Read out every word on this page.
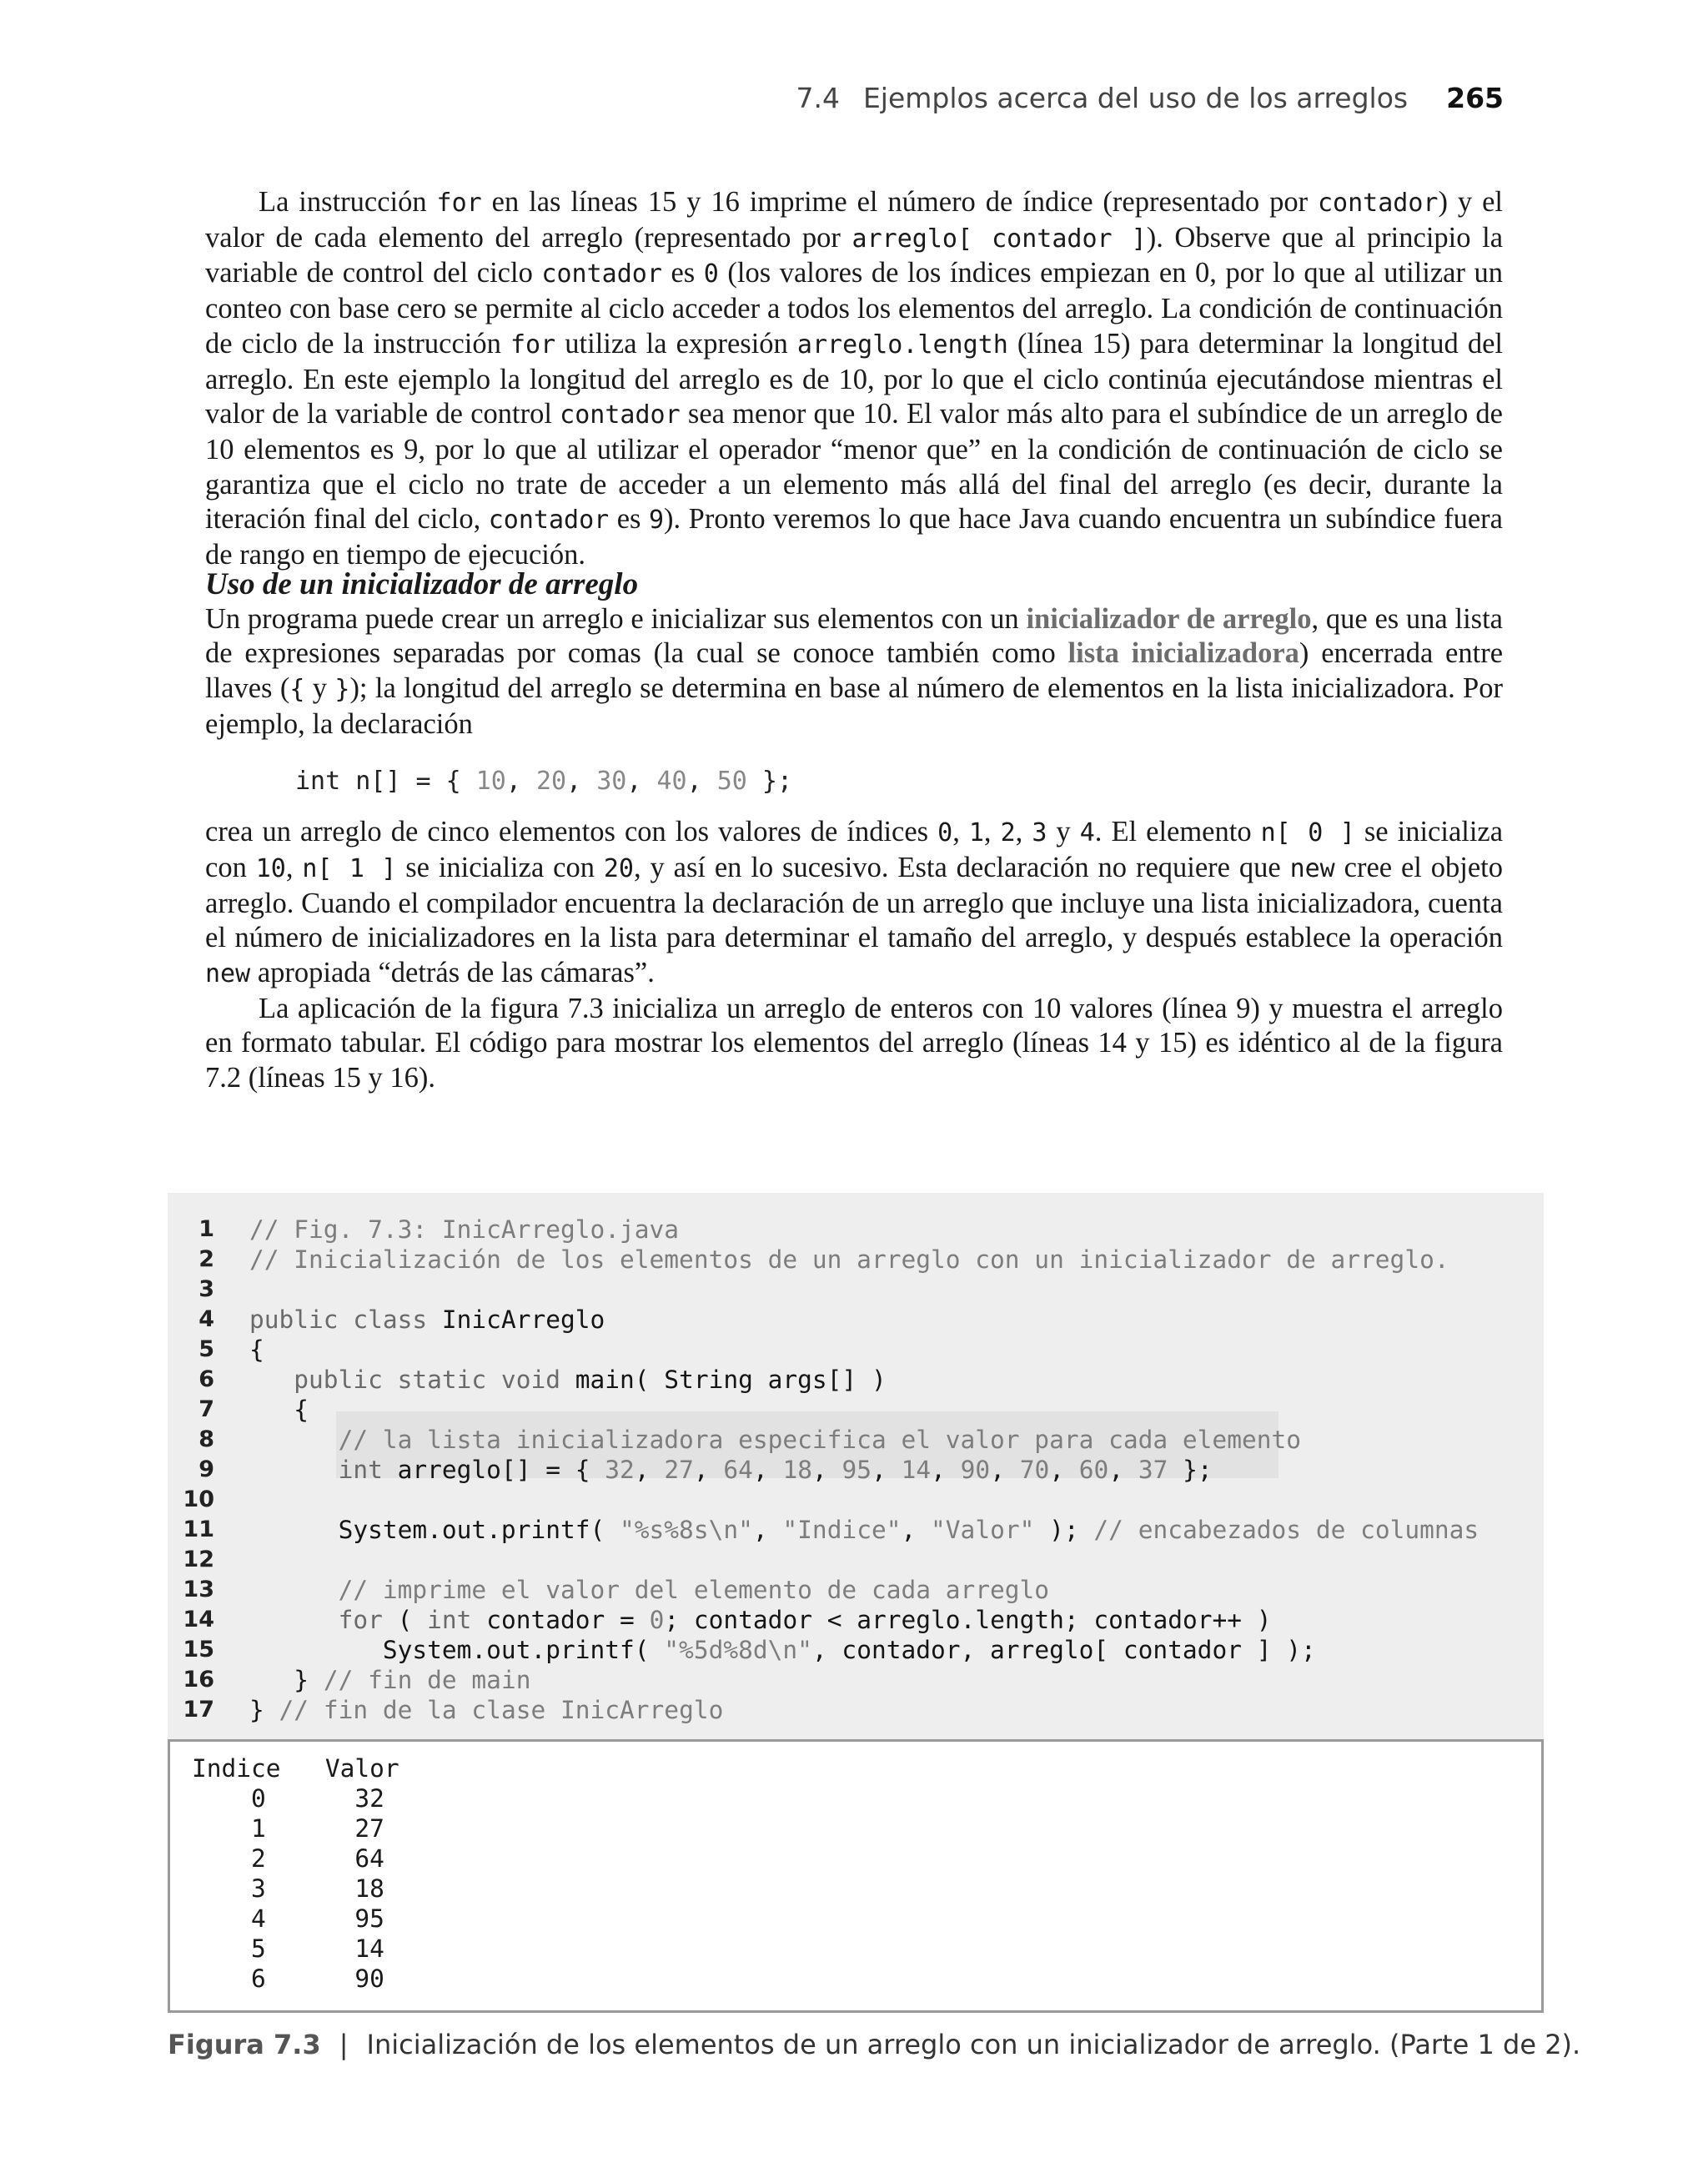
7.4 Ejemplos acerca del uso de los arreglos 265

La instrucción for en las líneas 15 y 16 imprime el número de índice (representado por contador) y el valor de cada elemento del arreglo (representado por arreglo[ contador ]). Observe que al principio la variable de control del ciclo contador es 0 (los valores de los índices empiezan en 0, por lo que al utilizar un conteo con base cero se permite al ciclo acceder a todos los elementos del arreglo. La condición de continuación de ciclo de la instrucción for utiliza la expresión arreglo.length (línea 15) para determinar la longitud del arreglo. En este ejemplo la longitud del arreglo es de 10, por lo que el ciclo continúa ejecutándose mientras el valor de la variable de control contador sea menor que 10. El valor más alto para el subíndice de un arreglo de 10 elementos es 9, por lo que al utilizar el operador “menor que” en la condición de continuación de ciclo se garantiza que el ciclo no trate de acceder a un elemento más allá del final del arreglo (es decir, durante la iteración final del ciclo, contador es 9). Pronto veremos lo que hace Java cuando encuentra un subíndice fuera de rango en tiempo de ejecución.

Uso de un inicializador de arreglo

Un programa puede crear un arreglo e inicializar sus elementos con un inicializador de arreglo, que es una lista de expresiones separadas por comas (la cual se conoce también como lista inicializadora) encerrada entre llaves ({ y }); la longitud del arreglo se determina en base al número de elementos en la lista inicializadora. Por ejemplo, la declaración

int n[] = { 10, 20, 30, 40, 50 };

crea un arreglo de cinco elementos con los valores de índices 0, 1, 2, 3 y 4. El elemento n[ 0 ] se inicializa con 10, n[ 1 ] se inicializa con 20, y así en lo sucesivo. Esta declaración no requiere que new cree el objeto arreglo. Cuando el compilador encuentra la declaración de un arreglo que incluye una lista inicializadora, cuenta el número de inicializadores en la lista para determinar el tamaño del arreglo, y después establece la operación new apropiada “detrás de las cámaras”.

La aplicación de la figura 7.3 inicializa un arreglo de enteros con 10 valores (línea 9) y muestra el arreglo en formato tabular. El código para mostrar los elementos del arreglo (líneas 14 y 15) es idéntico al de la figura 7.2 (líneas 15 y 16).

1 // Fig. 7.3: InicArreglo.java
2 // Inicialización de los elementos de un arreglo con un inicializador de arreglo.
3
4 public class InicArreglo
5 {
6 public static void main( String args[] )
7 {
8 // la lista inicializadora especifica el valor para cada elemento
9 int arreglo[] = { 32, 27, 64, 18, 95, 14, 90, 70, 60, 37 };
10
11 System.out.printf( "%s%8s\n", "Indice", "Valor" ); // encabezados de columnas
12
13 // imprime el valor del elemento de cada arreglo
14 for ( int contador = 0; contador < arreglo.length; contador++ )
15 System.out.printf( "%5d%8d\n", contador, arreglo[ contador ] );
16 } // fin de main
17 } // fin de la clase InicArreglo
Indice   Valor
0	32
1	27
2	64
3	18
4	95
5	14
6	90
Figura 7.3 | Inicialización de los elementos de un arreglo con un inicializador de arreglo. (Parte 1 de 2).
